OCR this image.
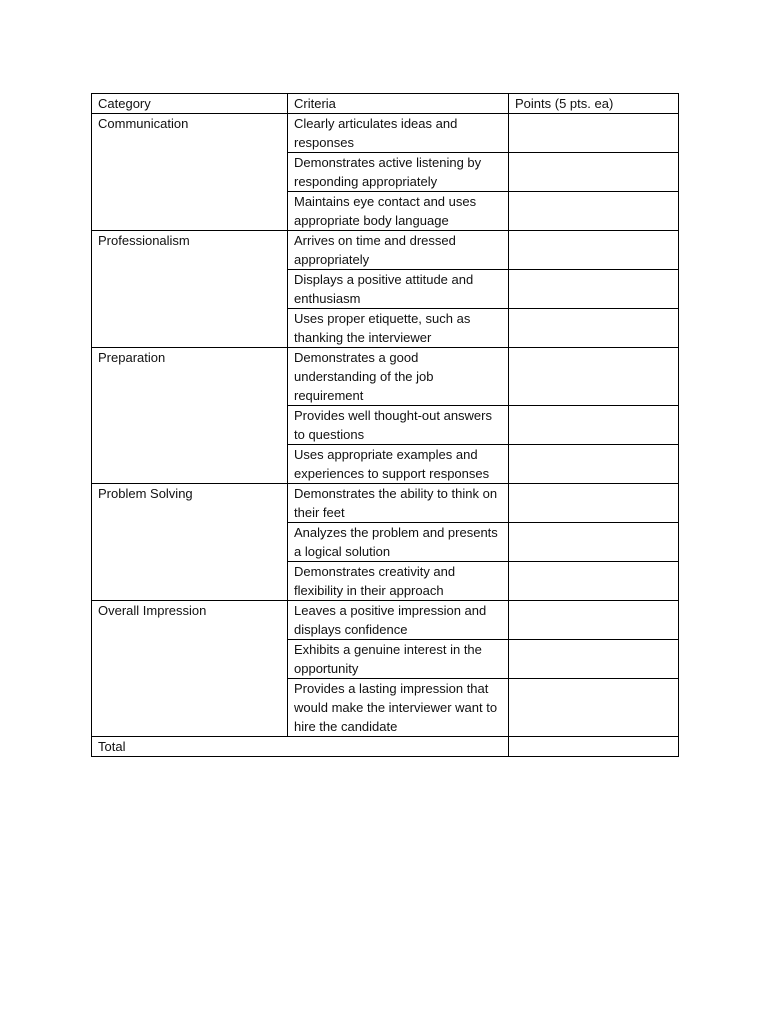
Category	Criteria	Points (5 pts. ea)
Communication	Clearly articulates ideas and responses	
	Demonstrates active listening by responding appropriately	
	Maintains eye contact and uses appropriate body language	
Professionalism	Arrives on time and dressed appropriately	
	Displays a positive attitude and enthusiasm	
	Uses proper etiquette, such as thanking the interviewer	
Preparation	Demonstrates a good understanding of the job requirement	
	Provides well thought-out answers to questions	
	Uses appropriate examples and experiences to support responses	
Problem Solving	Demonstrates the ability to think on their feet	
	Analyzes the problem and presents a logical solution	
	Demonstrates creativity and flexibility in their approach	
Overall Impression	Leaves a positive impression and displays confidence	
	Exhibits a genuine interest in the opportunity	
	Provides a lasting impression that would make the interviewer want to hire the candidate	
Total		
